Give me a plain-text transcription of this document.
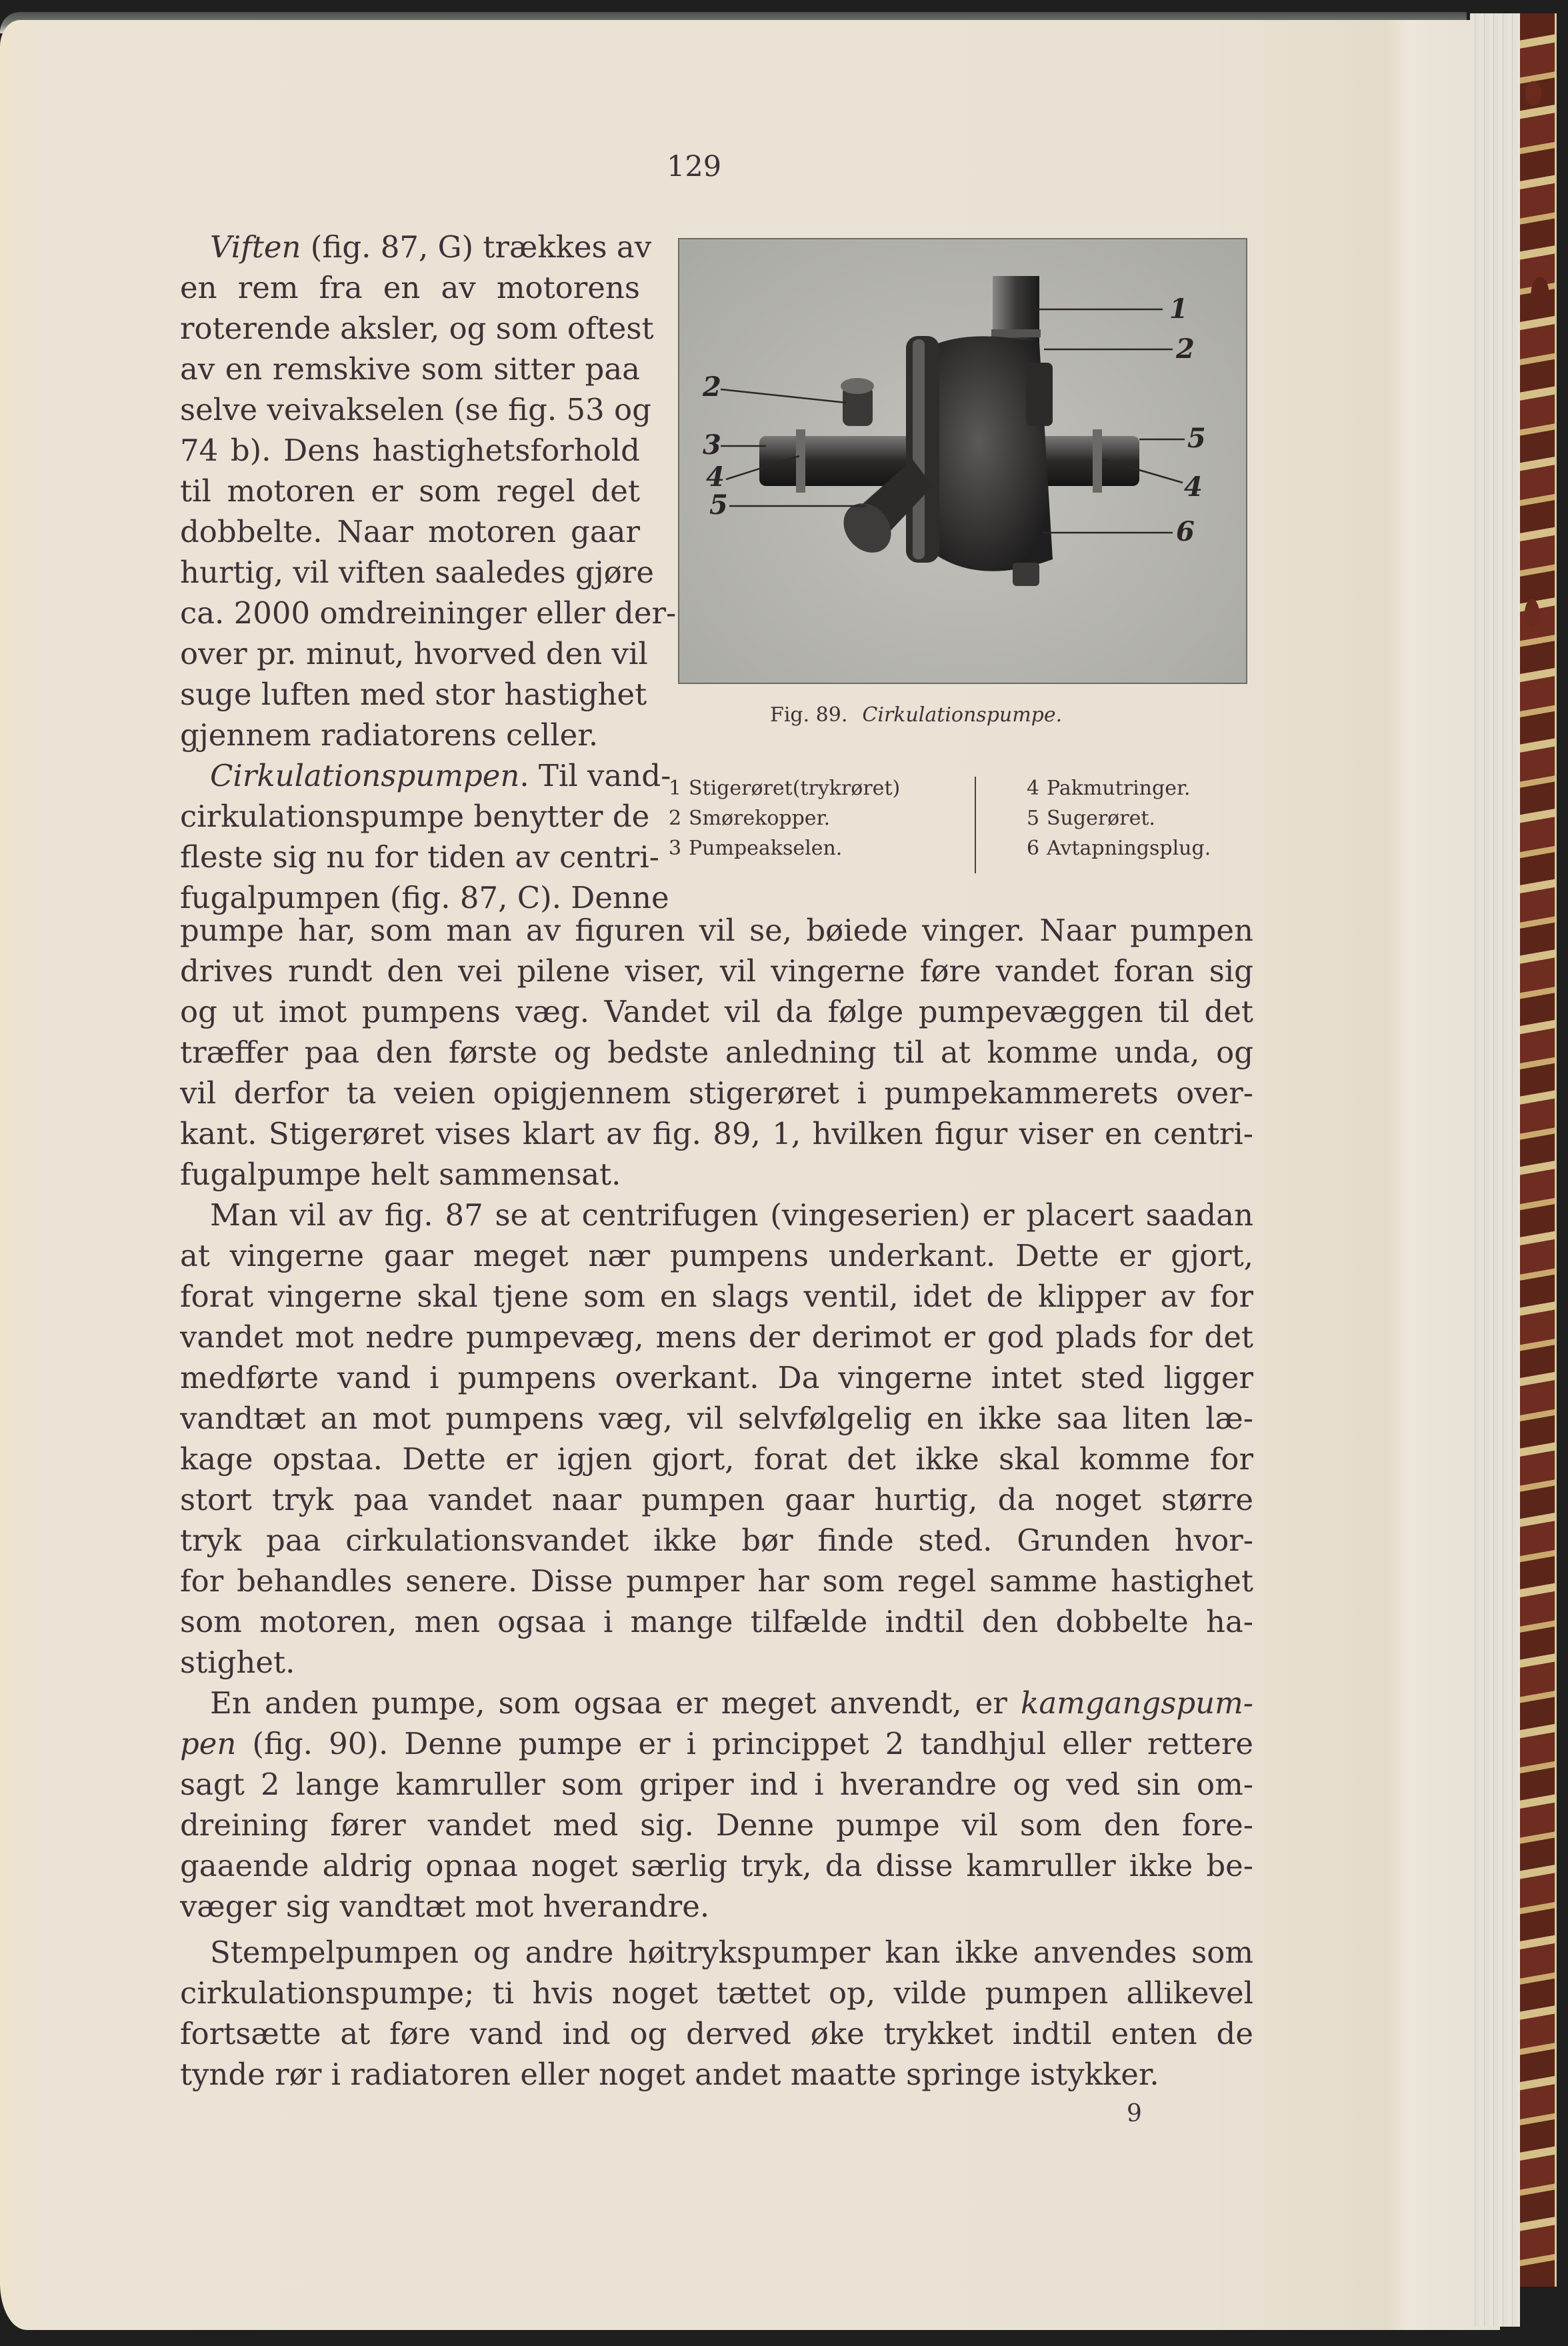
129
Viften (fig. 87, G) trækkes av
en rem fra en av motorens
roterende aksler, og som oftest
av en remskive som sitter paa
selve veivakselen (se fig. 53 og
74 b). Dens hastighetsforhold
til motoren er som regel det
dobbelte. Naar motoren gaar
hurtig, vil viften saaledes gjøre
ca. 2000 omdreininger eller der-
over pr. minut, hvorved den vil
suge luften med stor hastighet
gjennem radiatorens celler.
Cirkulationspumpen. Til vand-
cirkulationspumpe benytter de
fleste sig nu for tiden av centri-
fugalpumpen (fig. 87, C). Denne
1
2
2
3
4
5
5
4
6
Fig. 89. Cirkulationspumpe.
1 Stigerøret(trykrøret)
2 Smørekopper.
3 Pumpeakselen.
4 Pakmutringer.
5 Sugerøret.
6 Avtapningsplug.
pumpe har, som man av figuren vil se, bøiede vinger. Naar pumpen
drives rundt den vei pilene viser, vil vingerne føre vandet foran sig
og ut imot pumpens væg. Vandet vil da følge pumpevæggen til det
træffer paa den første og bedste anledning til at komme unda, og
vil derfor ta veien opigjennem stigerøret i pumpekammerets over-
kant. Stigerøret vises klart av fig. 89, 1, hvilken figur viser en centri-
fugalpumpe helt sammensat.
Man vil av fig. 87 se at centrifugen (vingeserien) er placert saadan
at vingerne gaar meget nær pumpens underkant. Dette er gjort,
forat vingerne skal tjene som en slags ventil, idet de klipper av for
vandet mot nedre pumpevæg, mens der derimot er god plads for det
medførte vand i pumpens overkant. Da vingerne intet sted ligger
vandtæt an mot pumpens væg, vil selvfølgelig en ikke saa liten læ-
kage opstaa. Dette er igjen gjort, forat det ikke skal komme for
stort tryk paa vandet naar pumpen gaar hurtig, da noget større
tryk paa cirkulationsvandet ikke bør finde sted. Grunden hvor-
for behandles senere. Disse pumper har som regel samme hastighet
som motoren, men ogsaa i mange tilfælde indtil den dobbelte ha-
stighet.
En anden pumpe, som ogsaa er meget anvendt, er kamgangspum-
pen (fig. 90). Denne pumpe er i princippet 2 tandhjul eller rettere
sagt 2 lange kamruller som griper ind i hverandre og ved sin om-
dreining fører vandet med sig. Denne pumpe vil som den fore-
gaaende aldrig opnaa noget særlig tryk, da disse kamruller ikke be-
væger sig vandtæt mot hverandre.
Stempelpumpen og andre høitrykspumper kan ikke anvendes som
cirkulationspumpe; ti hvis noget tættet op, vilde pumpen allikevel
fortsætte at føre vand ind og derved øke trykket indtil enten de
tynde rør i radiatoren eller noget andet maatte springe istykker.
9
